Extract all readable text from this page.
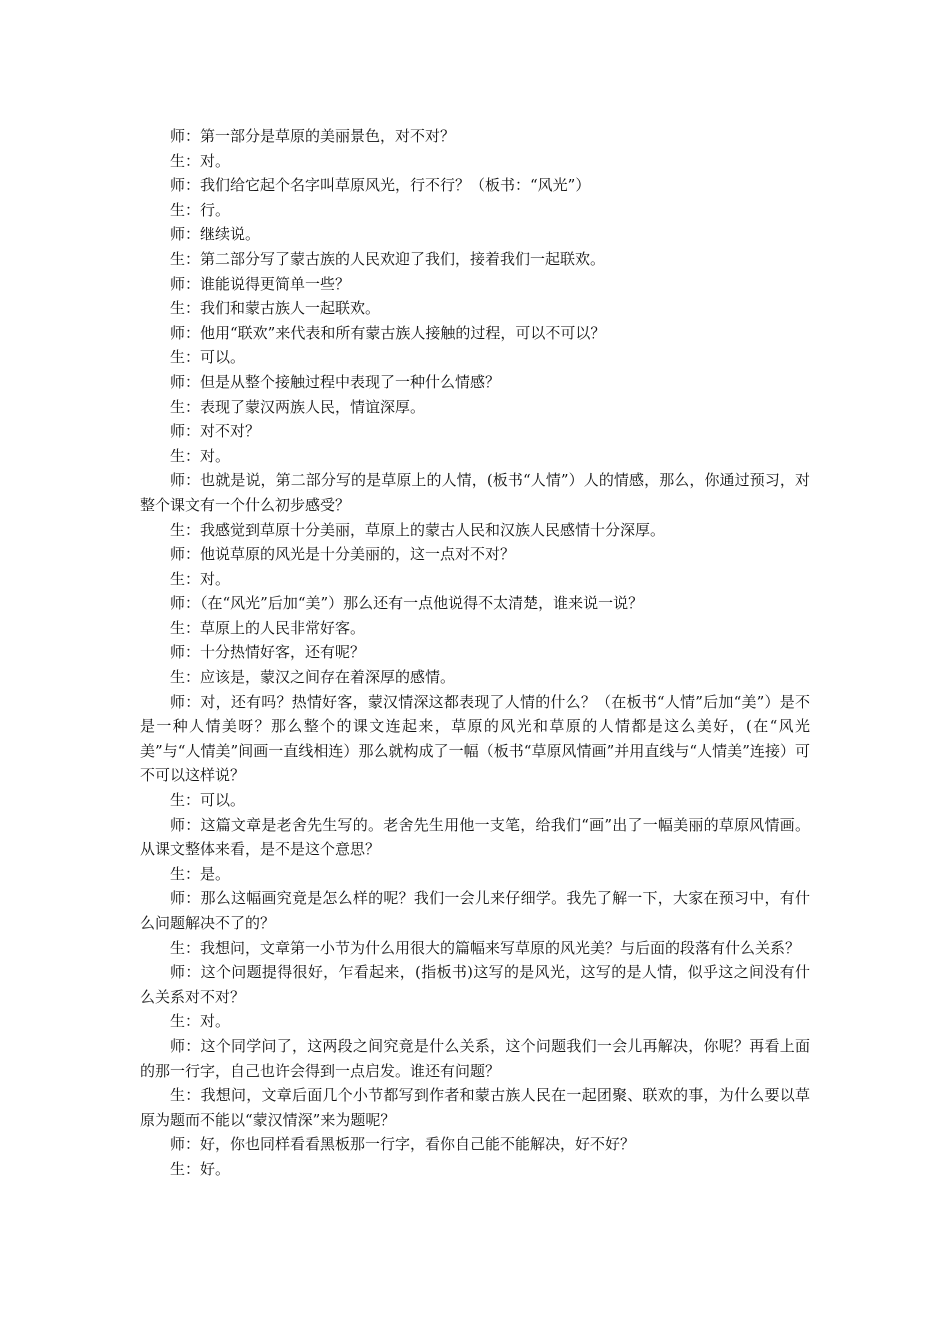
师：第一部分是草原的美丽景色，对不对？

生：对。

师：我们给它起个名字叫草原风光，行不行？（板书：“风光”）

生：行。

师：继续说。

生：第二部分写了蒙古族的人民欢迎了我们，接着我们一起联欢。

师：谁能说得更简单一些？

生：我们和蒙古族人一起联欢。

师：他用“联欢”来代表和所有蒙古族人接触的过程，可以不可以？

生：可以。

师：但是从整个接触过程中表现了一种什么情感？

生：表现了蒙汉两族人民，情谊深厚。

师：对不对？

生：对。

师：也就是说，第二部分写的是草原上的人情，(板书“人情”）人的情感，那么，你通过预习，对整个课文有一个什么初步感受？

生：我感觉到草原十分美丽，草原上的蒙古人民和汉族人民感情十分深厚。

师：他说草原的风光是十分美丽的，这一点对不对？

生：对。

师：（在“风光”后加“美”）那么还有一点他说得不太清楚，谁来说一说？

生：草原上的人民非常好客。

师：十分热情好客，还有呢？

生：应该是，蒙汉之间存在着深厚的感情。

师：对，还有吗？热情好客，蒙汉情深这都表现了人情的什么？（在板书“人情”后加“美”）是不是一种人情美呀？那么整个的课文连起来，草原的风光和草原的人情都是这么美好，(在“风光美”与“人情美”间画一直线相连）那么就构成了一幅（板书“草原风情画”并用直线与“人情美”连接）可不可以这样说？

生：可以。

师：这篇文章是老舍先生写的。老舍先生用他一支笔，给我们“画”出了一幅美丽的草原风情画。从课文整体来看，是不是这个意思？

生：是。

师：那么这幅画究竟是怎么样的呢？我们一会儿来仔细学。我先了解一下，大家在预习中，有什么问题解决不了的？

生：我想问，文章第一小节为什么用很大的篇幅来写草原的风光美？与后面的段落有什么关系？

师：这个问题提得很好，乍看起来，(指板书)这写的是风光，这写的是人情，似乎这之间没有什么关系对不对？

生：对。

师：这个同学问了，这两段之间究竟是什么关系，这个问题我们一会儿再解决，你呢？再看上面的那一行字，自己也许会得到一点启发。谁还有问题？

生：我想问，文章后面几个小节都写到作者和蒙古族人民在一起团聚、联欢的事，为什么要以草原为题而不能以“蒙汉情深”来为题呢？

师：好，你也同样看看黑板那一行字，看你自己能不能解决，好不好？

生：好。
